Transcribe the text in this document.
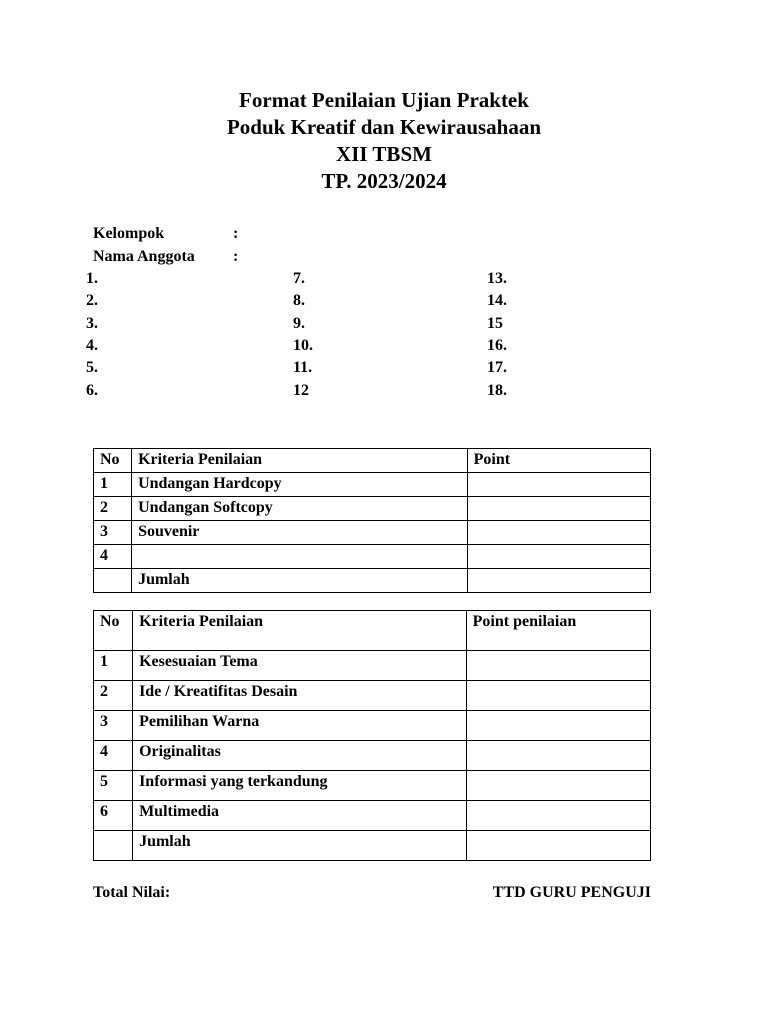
Format Penilaian Ujian Praktek
Poduk Kreatif dan Kewirausahaan
XII TBSM
TP. 2023/2024
Kelompok	:
Nama Anggota :
1.
2.
3.
4.
5.
6.
7.
8.
9.
10.
11.
12
13.
14.
15
16.
17.
18.
No	Kriteria Penilaian	Point
1	Undangan Hardcopy	
2	Undangan Softcopy	
3	Souvenir	
4		
	Jumlah	
No	Kriteria Penilaian	Point penilaian
1	Kesesuaian Tema	
2	Ide / Kreatifitas Desain	
3	Pemilihan Warna	
4	Originalitas	
5	Informasi yang terkandung	
6	Multimedia	
	Jumlah	
Total Nilai:	TTD GURU PENGUJI
